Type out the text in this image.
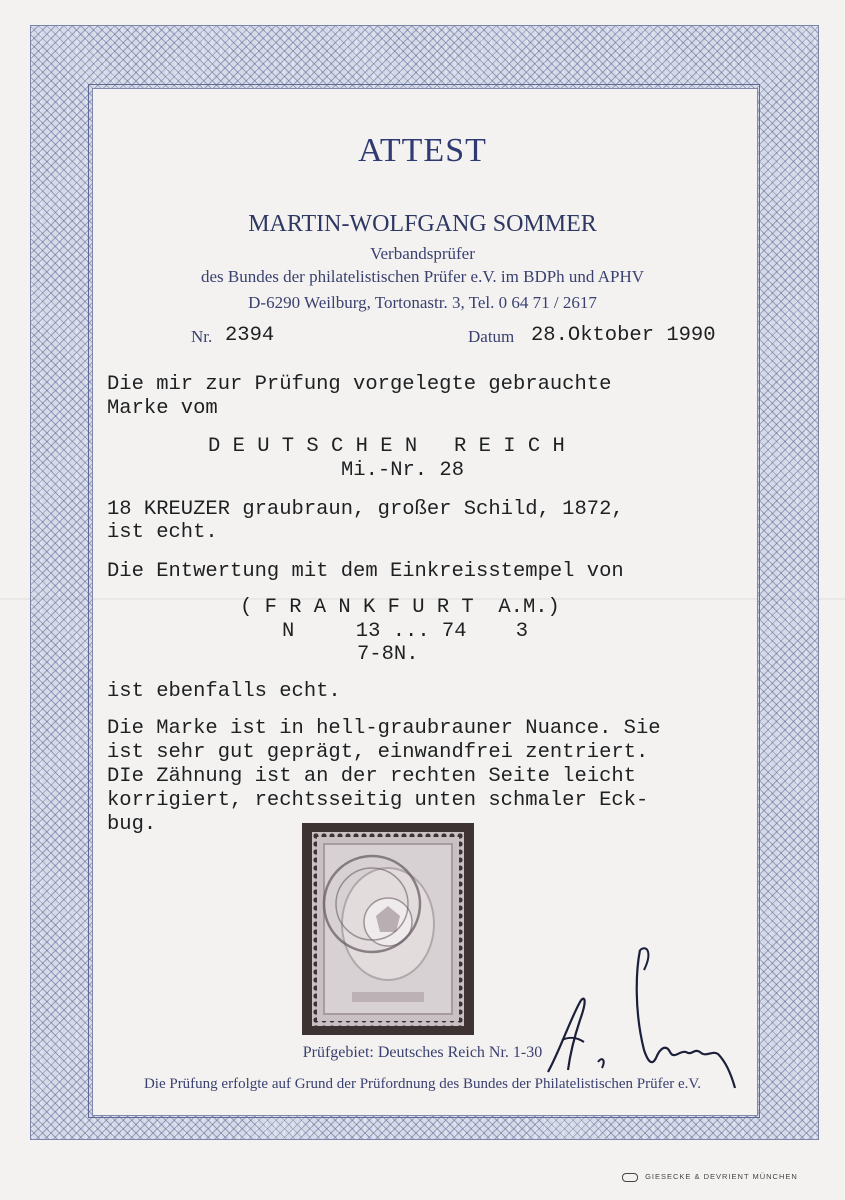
ATTEST
MARTIN-WOLFGANG SOMMER
Verbandsprüfer
des Bundes der philatelistischen Prüfer e.V. im BDPh und APHV
D-6290 Weilburg, Tortonastr. 3, Tel. 0 64 71 / 2617
Nr. 2394	Datum 28.Oktober 1990
Die mir zur Prüfung vorgelegte gebrauchte
Marke vom
D E U T S C H E N   R E I C H
Mi.-Nr. 28
18 KREUZER graubraun, großer Schild, 1872,
ist echt.
Die Entwertung mit dem Einkreisstempel von
( F R A N K F U R T  A.M.)
N     13 ... 74    3
7-8N.
ist ebenfalls echt.
Die Marke ist in hell-graubrauner Nuance. Sie
ist sehr gut geprägt, einwandfrei zentriert.
DIe Zähnung ist an der rechten Seite leicht
korrigiert, rechtsseitig unten schmaler Eck-
bug.
Prüfgebiet: Deutsches Reich Nr. 1-30
Die Prüfung erfolgte auf Grund der Prüfordnung des Bundes der Philatelistischen Prüfer e.V.
GIESECKE & DEVRIENT MÜNCHEN
